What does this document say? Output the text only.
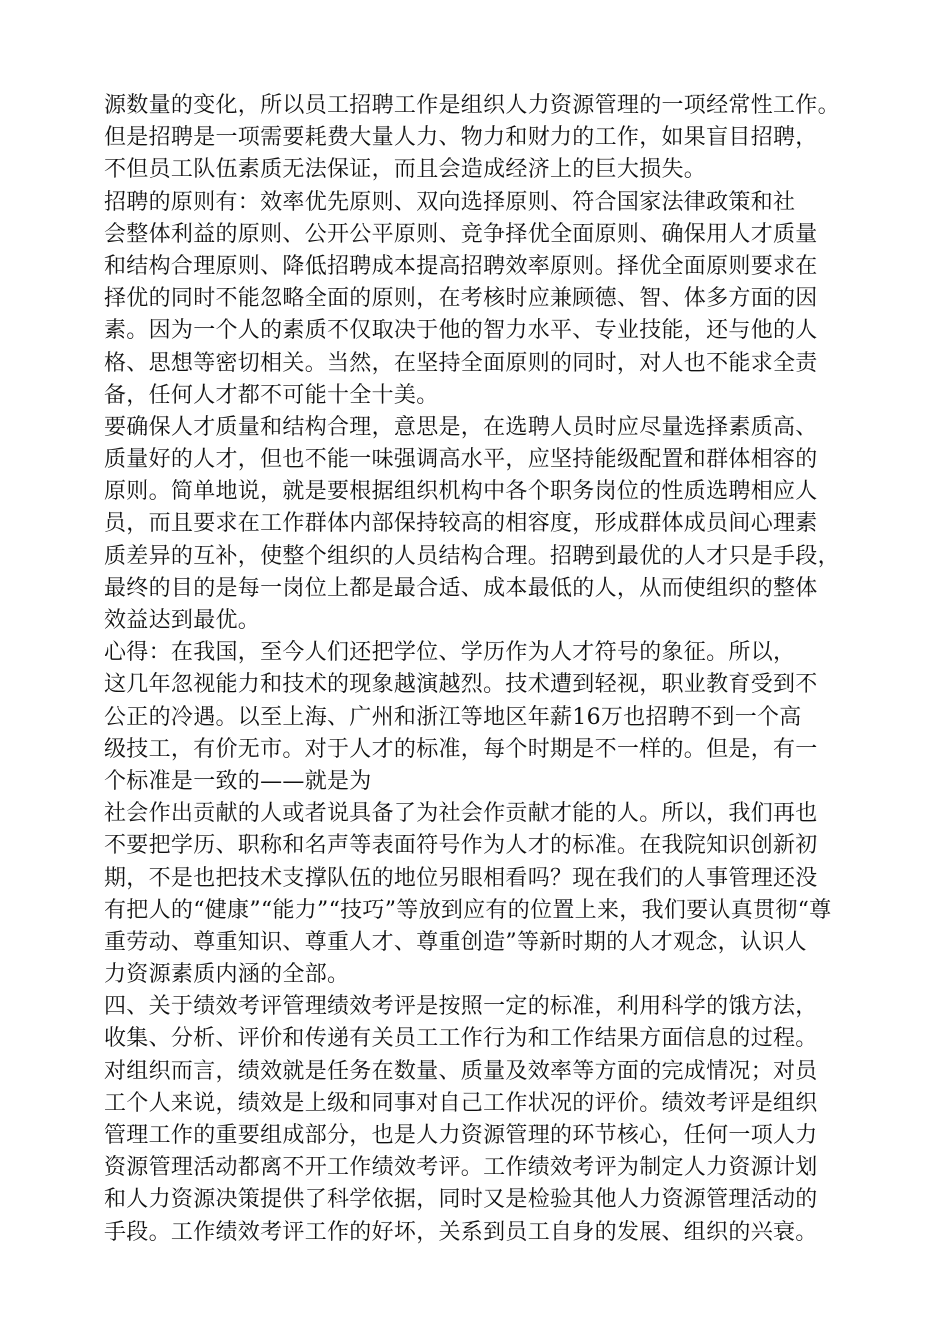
源数量的变化，所以员工招聘工作是组织人力资源管理的一项经常性工作。
但是招聘是一项需要耗费大量人力、物力和财力的工作，如果盲目招聘，
不但员工队伍素质无法保证，而且会造成经济上的巨大损失。
招聘的原则有：效率优先原则、双向选择原则、符合国家法律政策和社
会整体利益的原则、公开公平原则、竞争择优全面原则、确保用人才质量
和结构合理原则、降低招聘成本提高招聘效率原则。择优全面原则要求在
择优的同时不能忽略全面的原则，在考核时应兼顾德、智、体多方面的因
素。因为一个人的素质不仅取决于他的智力水平、专业技能，还与他的人
格、思想等密切相关。当然，在坚持全面原则的同时，对人也不能求全责
备，任何人才都不可能十全十美。
要确保人才质量和结构合理，意思是，在选聘人员时应尽量选择素质高、
质量好的人才，但也不能一味强调高水平，应坚持能级配置和群体相容的
原则。简单地说，就是要根据组织机构中各个职务岗位的性质选聘相应人
员，而且要求在工作群体内部保持较高的相容度，形成群体成员间心理素
质差异的互补，使整个组织的人员结构合理。招聘到最优的人才只是手段，
最终的目的是每一岗位上都是最合适、成本最低的人，从而使组织的整体
效益达到最优。
心得：在我国，至今人们还把学位、学历作为人才符号的象征。所以，
这几年忽视能力和技术的现象越演越烈。技术遭到轻视，职业教育受到不
公正的冷遇。以至上海、广州和浙江等地区年薪16万也招聘不到一个高
级技工，有价无市。对于人才的标准，每个时期是不一样的。但是，有一
个标准是一致的——就是为
社会作出贡献的人或者说具备了为社会作贡献才能的人。所以，我们再也
不要把学历、职称和名声等表面符号作为人才的标准。在我院知识创新初
期，不是也把技术支撑队伍的地位另眼相看吗？现在我们的人事管理还没
有把人的“健康”“能力”“技巧”等放到应有的位置上来，我们要认真贯彻“尊
重劳动、尊重知识、尊重人才、尊重创造”等新时期的人才观念，认识人
力资源素质内涵的全部。
四、关于绩效考评管理绩效考评是按照一定的标准，利用科学的饿方法，
收集、分析、评价和传递有关员工工作行为和工作结果方面信息的过程。
对组织而言，绩效就是任务在数量、质量及效率等方面的完成情况；对员
工个人来说，绩效是上级和同事对自己工作状况的评价。绩效考评是组织
管理工作的重要组成部分，也是人力资源管理的环节核心，任何一项人力
资源管理活动都离不开工作绩效考评。工作绩效考评为制定人力资源计划
和人力资源决策提供了科学依据，同时又是检验其他人力资源管理活动的
手段。工作绩效考评工作的好坏，关系到员工自身的发展、组织的兴衰。
